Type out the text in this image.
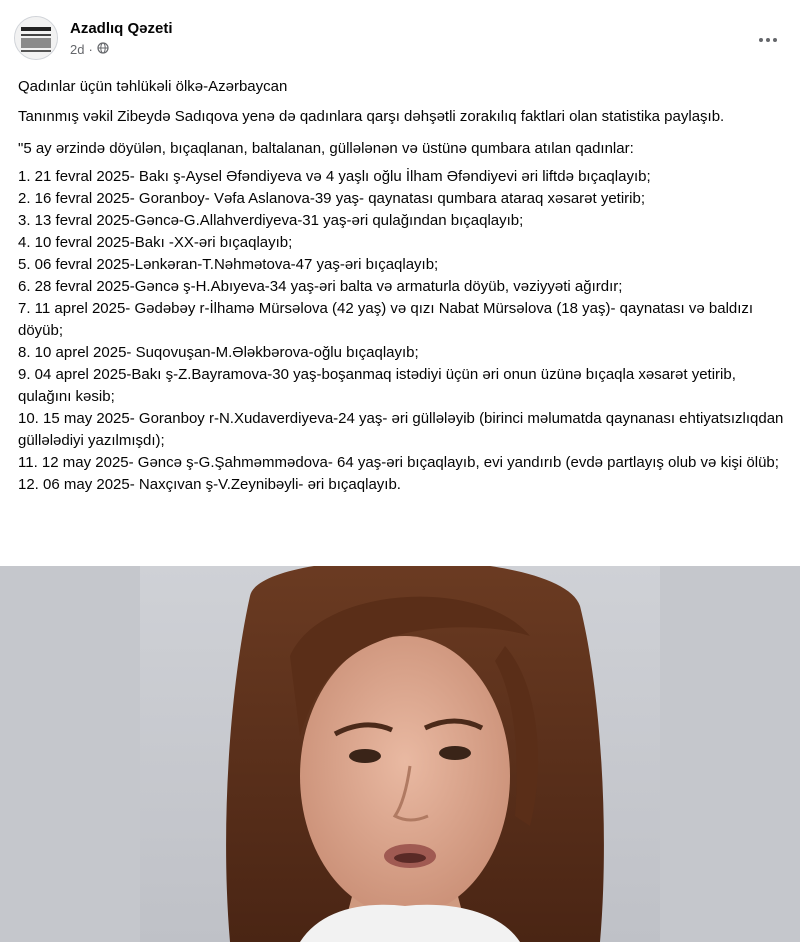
Azadlıq Qəzeti
2d ·

Qadınlar üçün təhlükəli ölkə-Azərbaycan

Tanınmış vəkil Zibeydə Sadıqova yenə də qadınlara qarşı dəhşətli zorakılıq faktlari olan statistika paylaşıb.

"5 ay ərzində döyülən, bıçaqlanan, baltalanan, güllələnən və üstünə qumbara atılan qadınlar:

1. 21 fevral 2025- Bakı ş-Aysel Əfəndiyeva və 4 yaşlı oğlu İlham Əfəndiyevi əri liftdə bıçaqlayıb;
2. 16 fevral 2025- Goranboy- Vəfa Aslanova-39 yaş- qaynatası qumbara ataraq xəsarət yetirib;
3. 13 fevral 2025-Gəncə-G.Allahverdiyeva-31 yaş-əri qulağından bıçaqlayıb;
4. 10 fevral 2025-Bakı -XX-əri bıçaqlayıb;
5. 06 fevral 2025-Lənkəran-T.Nəhmətova-47 yaş-əri bıçaqlayıb;
6. 28 fevral 2025-Gəncə ş-H.Abıyeva-34 yaş-əri balta və armaturla döyüb, vəziyyəti ağırdır;
7. 11 aprel 2025- Gədəbəy r-İlhamə Mürsəlova (42 yaş) və qızı Nabat Mürsəlova (18 yaş)- qaynatası və baldızı döyüb;
8. 10 aprel 2025- Suqovuşan-M.Ələkbərova-oğlu bıçaqlayıb;
9. 04 aprel 2025-Bakı ş-Z.Bayramova-30 yaş-boşanmaq istədiyi üçün əri onun üzünə bıçaqla xəsarət yetirib, qulağını kəsib;
10. 15 may 2025- Goranboy r-N.Xudaverdiyeva-24 yaş- əri güllələyib (birinci məlumatda qaynanası ehtiyatsızlıqdan güllələdiyi yazılmışdı);
11. 12 may 2025- Gəncə ş-G.Şahməmmədova- 64 yaş-əri bıçaqlayıb, evi yandırıb (evdə partlayış olub və kişi ölüb;
12. 06 may 2025- Naxçıvan ş-V.Zeynibəyli- əri bıçaqlayıb.
